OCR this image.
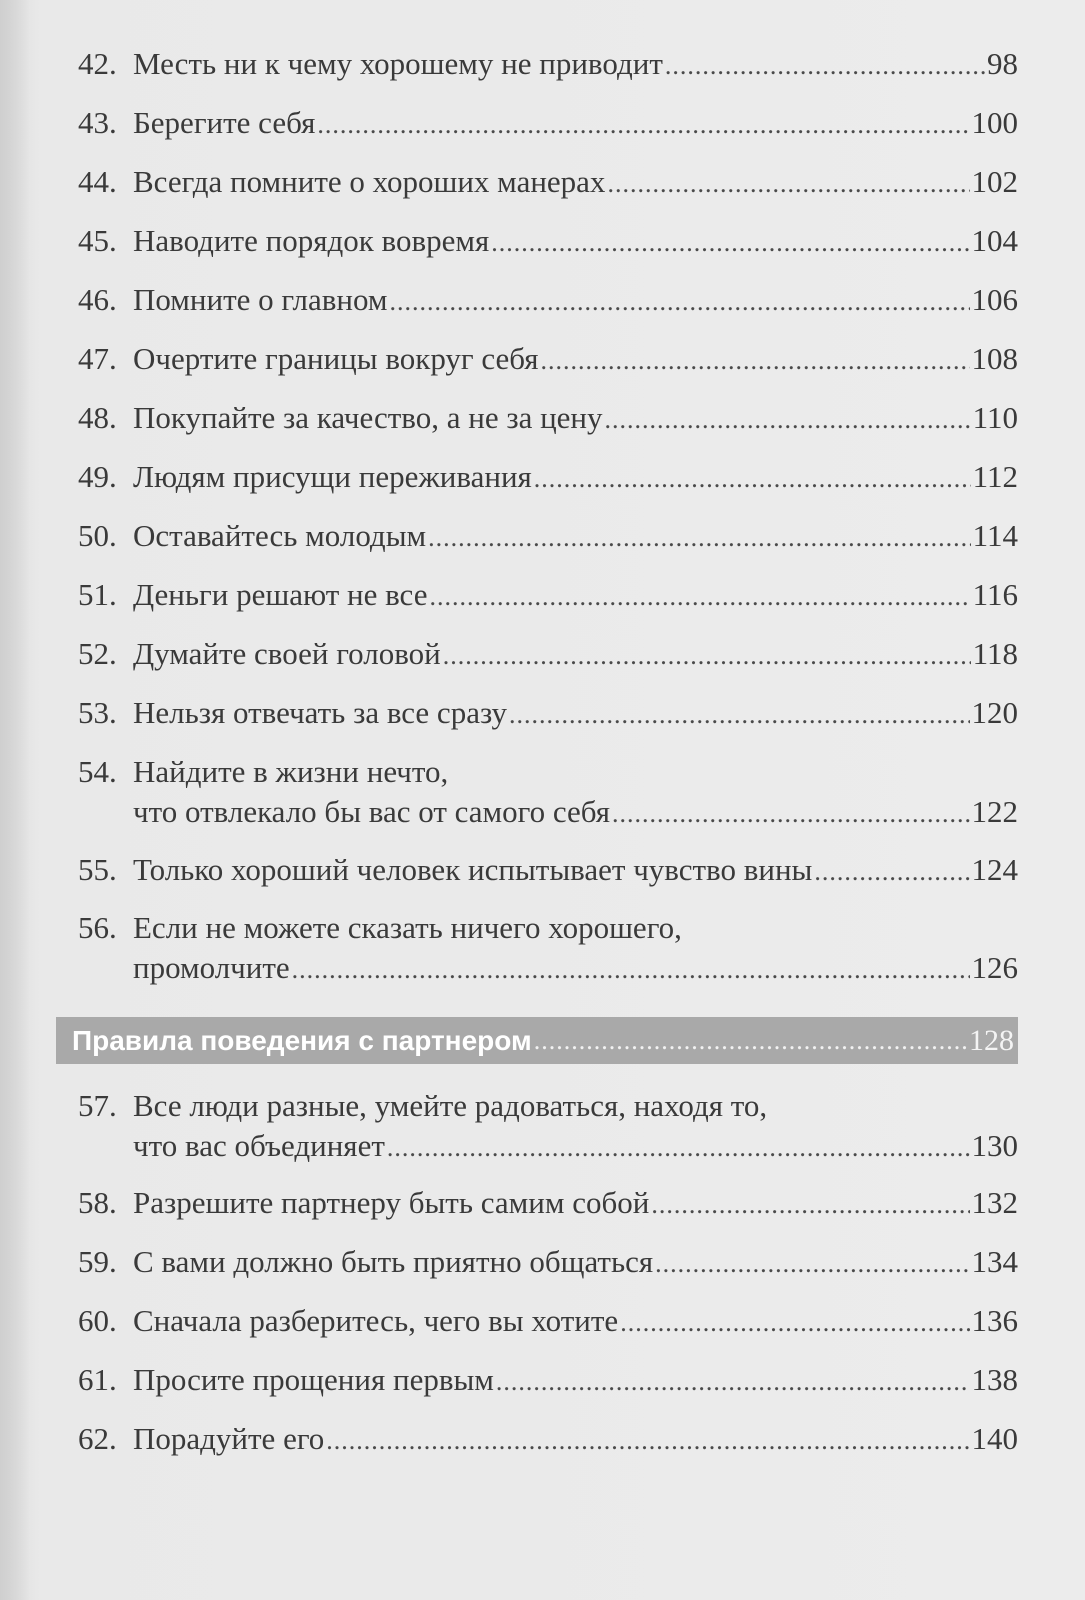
42. Месть ни к чему хорошему не приводит .....	98
43. Берегите себя .....	100
44. Всегда помните о хороших манерах .....	102
45. Наводите порядок вовремя .....	104
46. Помните о главном .....	106
47. Очертите границы вокруг себя .....	108
48. Покупайте за качество, а не за цену .....	110
49. Людям присущи переживания .....	112
50. Оставайтесь молодым .....	114
51. Деньги решают не все .....	116
52. Думайте своей головой .....	118
53. Нельзя отвечать за все сразу .....	120
54. Найдите в жизни нечто,
что отвлекало бы вас от самого себя .....	122
55. Только хороший человек испытывает чувство вины .....	124
56. Если не можете сказать ничего хорошего,
промолчите .....	126
Правила поведения с партнером .....	128
57. Все люди разные, умейте радоваться, находя то,
что вас объединяет .....	130
58. Разрешите партнеру быть самим собой .....	132
59. С вами должно быть приятно общаться .....	134
60. Сначала разберитесь, чего вы хотите .....	136
61. Просите прощения первым .....	138
62. Порадуйте его .....	140
